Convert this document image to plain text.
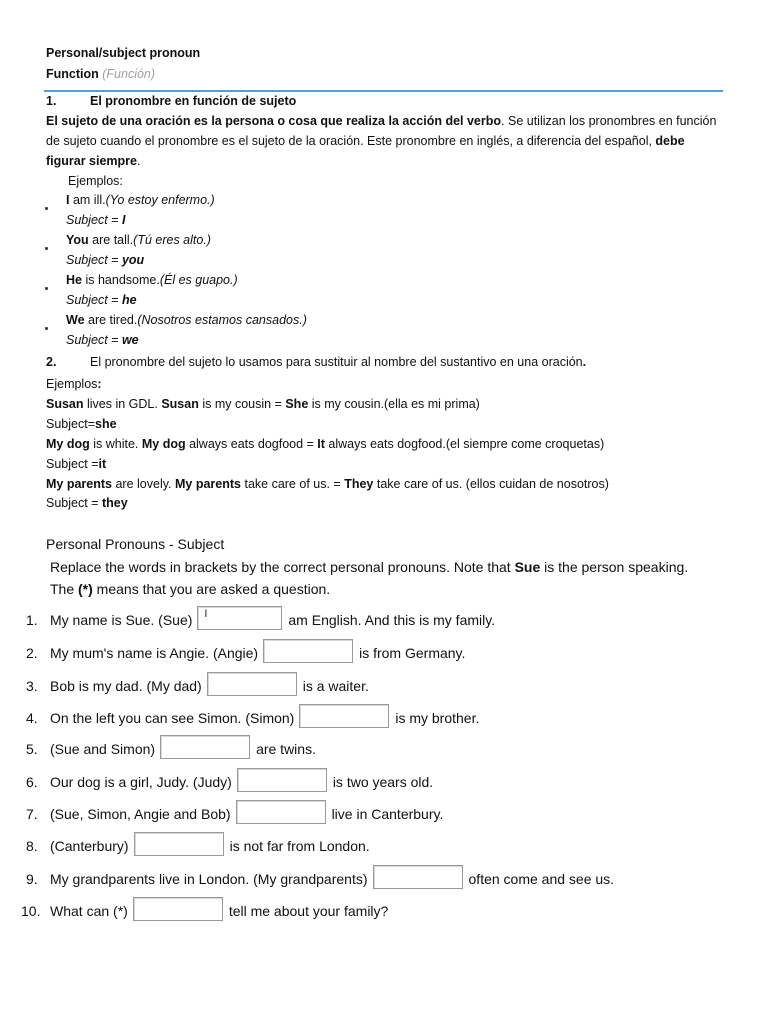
Personal/subject pronoun
Function (Función)
1.	El pronombre en función de sujeto
El sujeto de una oración es la persona o cosa que realiza la acción del verbo. Se utilizan los pronombres en función de sujeto cuando el pronombre es el sujeto de la oración. Este pronombre en inglés, a diferencia del español, debe figurar siempre.
Ejemplos:
I am ill.(Yo estoy enfermo.)
Subject = I
You are tall.(Tú eres alto.)
Subject = you
He is handsome.(Él es guapo.)
Subject = he
We are tired.(Nosotros estamos cansados.)
Subject = we
2.	El pronombre del sujeto lo usamos para sustituir al nombre del sustantivo en una oración.
Ejemplos:
Susan lives in GDL. Susan is my cousin = She is my cousin.(ella es mi prima)
Subject=she
My dog is white. My dog always eats dogfood = It always eats dogfood.(el siempre come croquetas)
Subject =it
My parents are lovely. My parents take care of us. = They take care of us. (ellos cuidan de nosotros)
Subject = they
Personal Pronouns - Subject
Replace the words in brackets by the correct personal pronouns. Note that Sue is the person speaking.
The (*) means that you are asked a question.
1. My name is Sue. (Sue) I	am English. And this is my family.
2. My mum's name is Angie. (Angie)	is from Germany.
3. Bob is my dad. (My dad)	is a waiter.
4. On the left you can see Simon. (Simon)	is my brother.
5. (Sue and Simon)	are twins.
6. Our dog is a girl, Judy. (Judy)	is two years old.
7. (Sue, Simon, Angie and Bob)	live in Canterbury.
8. (Canterbury)	is not far from London.
9. My grandparents live in London. (My grandparents)	often come and see us.
10. What can (*)	tell me about your family?
